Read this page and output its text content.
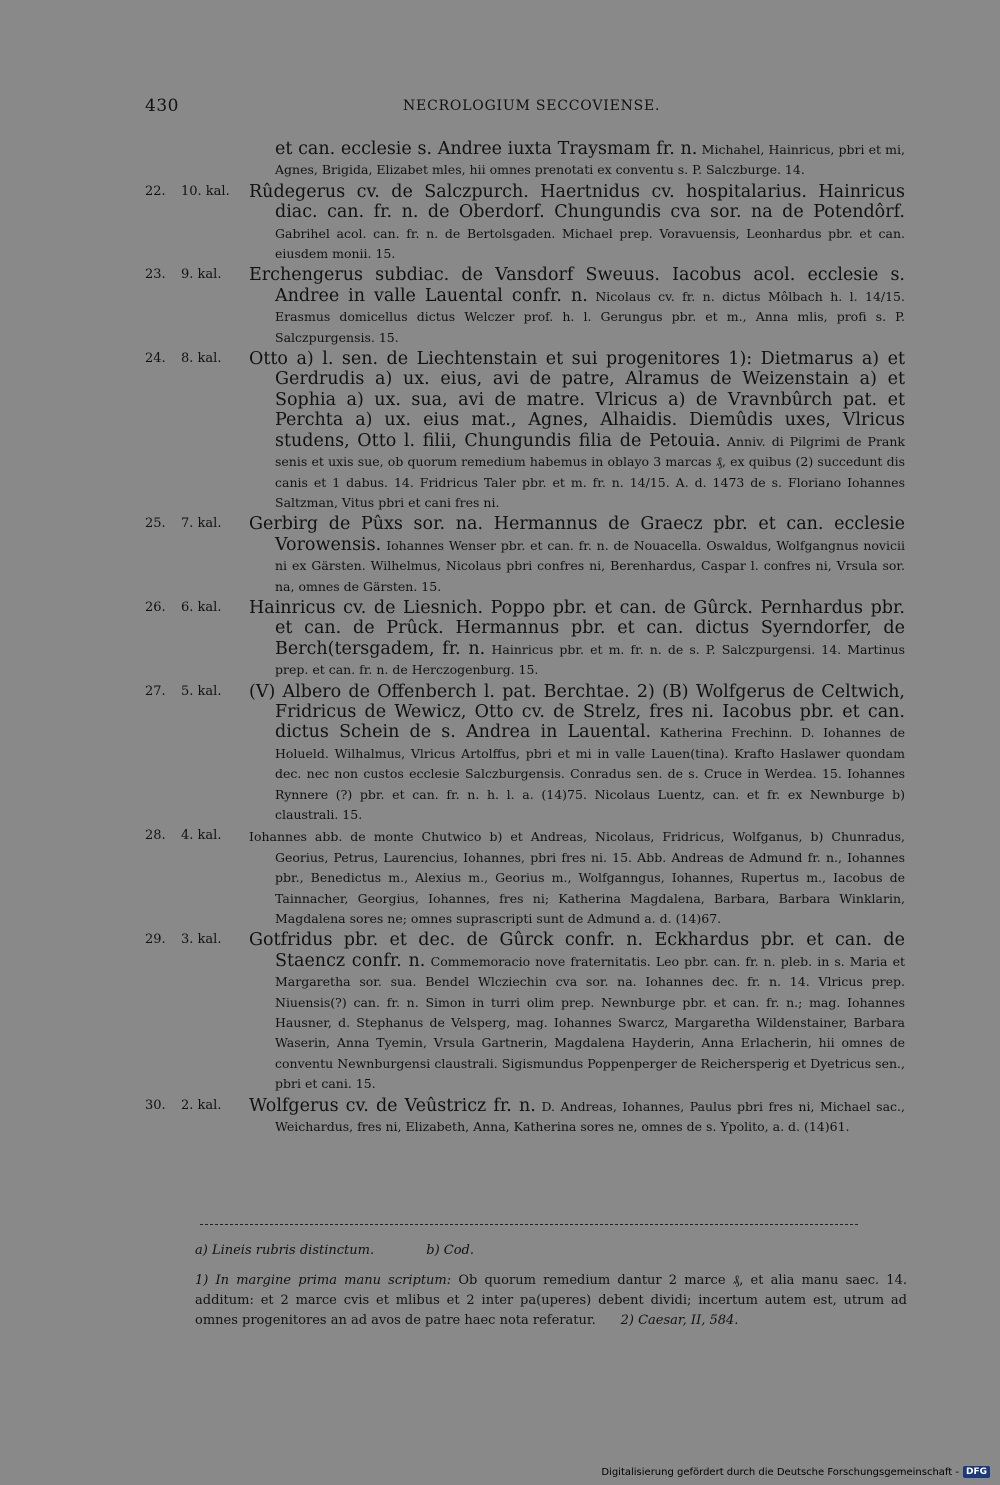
430	NECROLOGIUM SECCOVIENSE.
et can. ecclesie s. Andree iuxta Traysmam fr. n. Michahel, Hainricus, pbri et mi, Agnes, Brigida, Elizabet mles, hii omnes prenotati ex conventu s. P. Salczburge. 14.
22.	10. kal.	Rûdegerus cv. de Salczpurch. Haertnidus cv. hospitalarius. Hainricus diac. can. fr. n. de Oberdorf. Chungundis cva sor. na de Potendôrf. Gabrihel acol. can. fr. n. de Bertolsgaden. Michael prep. Voravuensis, Leonhardus pbr. et can. eiusdem monii. 15.
23.	9. kal.	Erchengerus subdiac. de Vansdorf Sweuus. Iacobus acol. ecclesie s. Andree in valle Lauental confr. n. Nicolaus cv. fr. n. dictus Môlbach h. l. 14/15. Erasmus domicellus dictus Welczer prof. h. l. Gerungus pbr. et m., Anna mlis, profi s. P. Salczpurgensis. 15.
24.	8. kal.	Otto a) l. sen. de Liechtenstain et sui progenitores 1): Dietmarus a) et Gerdrudis a) ux. eius, avi de patre, Alramus de Weizenstain a) et Sophia a) ux. sua, avi de matre. Vlricus a) de Vravnbûrch pat. et Perchta a) ux. eius mat., Agnes, Alhaidis. Diemûdis uxes, Vlricus studens, Otto l. filii, Chungundis filia de Petouia. Anniv. di Pilgrimi de Prank senis et uxis sue, ob quorum remedium habemus in oblayo 3 marcas ₰, ex quibus (2) succedunt dis canis et 1 dabus. 14. Fridricus Taler pbr. et m. fr. n. 14/15. A. d. 1473 de s. Floriano Iohannes Saltzman, Vitus pbri et cani fres ni.
25.	7. kal.	Gerbirg de Pûxs sor. na. Hermannus de Graecz pbr. et can. ecclesie Vorowensis. Iohannes Wenser pbr. et can. fr. n. de Nouacella. Oswaldus, Wolfgangnus novicii ni ex Gärsten. Wilhelmus, Nicolaus pbri confres ni, Berenhardus, Caspar l. confres ni, Vrsula sor. na, omnes de Gärsten. 15.
26.	6. kal.	Hainricus cv. de Liesnich. Poppo pbr. et can. de Gûrck. Pernhardus pbr. et can. de Prûck. Hermannus pbr. et can. dictus Syerndorfer, de Berch(tersgadem, fr. n. Hainricus pbr. et m. fr. n. de s. P. Salczpurgensi. 14. Martinus prep. et can. fr. n. de Herczogenburg. 15.
27.	5. kal.	(V) Albero de Offenberch l. pat. Berchtae. 2) (B) Wolfgerus de Celtwich, Fridricus de Wewicz, Otto cv. de Strelz, fres ni. Iacobus pbr. et can. dictus Schein de s. Andrea in Lauental. Katherina Frechinn. D. Iohannes de Holueld. Wilhalmus, Vlricus Artolffus, pbri et mi in valle Lauen(tina). Krafto Haslawer quondam dec. nec non custos ecclesie Salczburgensis. Conradus sen. de s. Cruce in Werdea. 15. Iohannes Rynnere (?) pbr. et can. fr. n. h. l. a. (14)75. Nicolaus Luentz, can. et fr. ex Newnburge b) claustrali. 15.
28.	4. kal.	Iohannes abb. de monte Chutwico b) et Andreas, Nicolaus, Fridricus, Wolfganus, b) Chunradus, Georius, Petrus, Laurencius, Iohannes, pbri fres ni. 15. Abb. Andreas de Admund fr. n., Iohannes pbr., Benedictus m., Alexius m., Georius m., Wolfganngus, Iohannes, Rupertus m., Iacobus de Tainnacher, Georgius, Iohannes, fres ni; Katherina Magdalena, Barbara, Barbara Winklarin, Magdalena sores ne; omnes suprascripti sunt de Admund a. d. (14)67.
29.	3. kal.	Gotfridus pbr. et dec. de Gûrck confr. n. Eckhardus pbr. et can. de Staencz confr. n. Commemoracio nove fraternitatis. Leo pbr. can. fr. n. pleb. in s. Maria et Margaretha sor. sua. Bendel Wlcziechin cva sor. na. Iohannes dec. fr. n. 14. Vlricus prep. Niuensis(?) can. fr. n. Simon in turri olim prep. Newnburge pbr. et can. fr. n.; mag. Iohannes Hausner, d. Stephanus de Velsperg, mag. Iohannes Swarcz, Margaretha Wildenstainer, Barbara Waserin, Anna Tyemin, Vrsula Gartnerin, Magdalena Hayderin, Anna Erlacherin, hii omnes de conventu Newnburgensi claustrali. Sigismundus Poppenperger de Reichersperig et Dyetricus sen., pbri et cani. 15.
30.	2. kal.	Wolfgerus cv. de Veûstricz fr. n. D. Andreas, Iohannes, Paulus pbri fres ni, Michael sac., Weichardus, fres ni, Elizabeth, Anna, Katherina sores ne, omnes de s. Ypolito, a. d. (14)61.
a) Lineis rubris distinctum.	b) Cod.
1) In margine prima manu scriptum: Ob quorum remedium dantur 2 marce ₰, et alia manu saec. 14. additum: et 2 marce cvis et mlibus et 2 inter pa(uperes) debent dividi; incertum autem est, utrum ad omnes progenitores an ad avos de patre haec nota referatur. 2) Caesar, II, 584.
Digitalisierung gefördert durch die Deutsche Forschungsgemeinschaft - DFG
